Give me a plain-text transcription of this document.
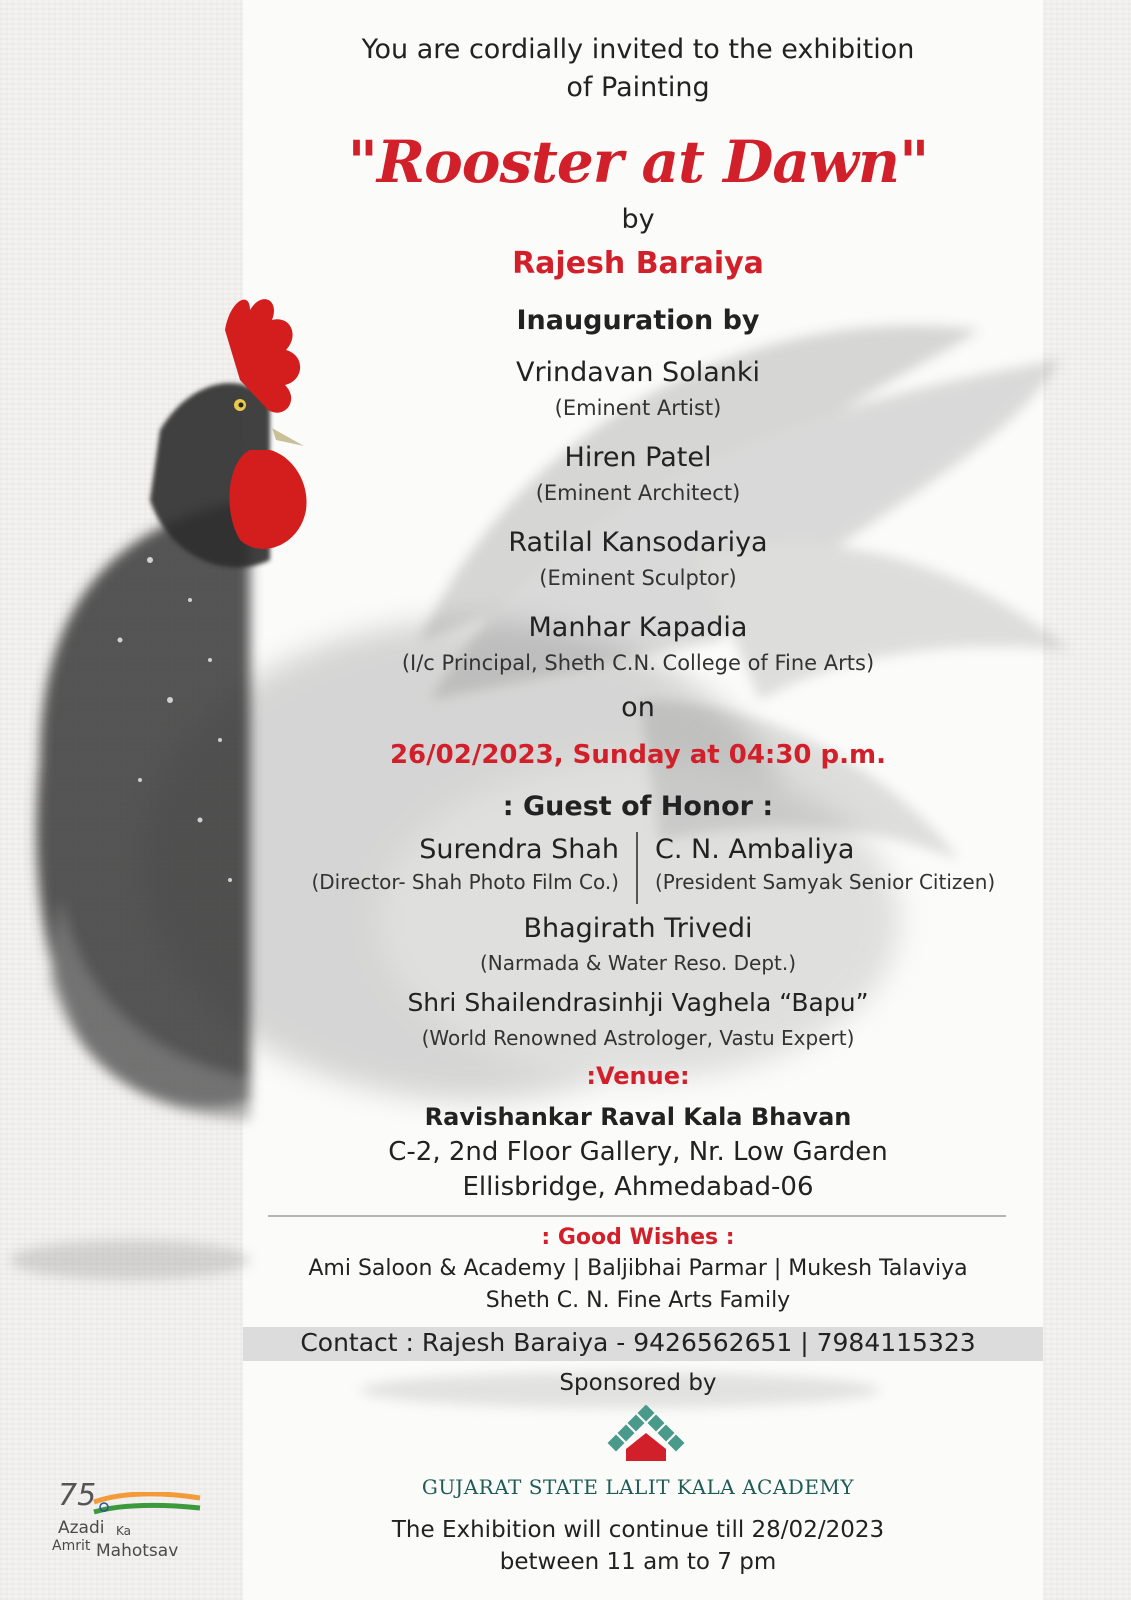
You are cordially invited to the exhibition
of Painting
"Rooster at Dawn"
by
Rajesh Baraiya
Inauguration by
Vrindavan Solanki
(Eminent Artist)
Hiren Patel
(Eminent Architect)
Ratilal Kansodariya
(Eminent Sculptor)
Manhar Kapadia
(I/c Principal, Sheth C.N. College of Fine Arts)
on
26/02/2023, Sunday at 04:30 p.m.
: Guest of Honor :
Surendra Shah
(Director- Shah Photo Film Co.)
C. N. Ambaliya
(President Samyak Senior Citizen)
Bhagirath Trivedi
(Narmada & Water Reso. Dept.)
Shri Shailendrasinhji Vaghela “Bapu”
(World Renowned Astrologer, Vastu Expert)
:Venue:
Ravishankar Raval Kala Bhavan
C-2, 2nd Floor Gallery, Nr. Low Garden
Ellisbridge, Ahmedabad-06
: Good Wishes :
Ami Saloon & Academy | Baljibhai Parmar | Mukesh Talaviya
Sheth C. N. Fine Arts Family
Contact : Rajesh Baraiya - 9426562651 | 7984115323
Sponsored by
GUJARAT STATE LALIT KALA ACADEMY
The Exhibition will continue till 28/02/2023
between 11 am to 7 pm
75
Azadi Ka
Amrit Mahotsav
